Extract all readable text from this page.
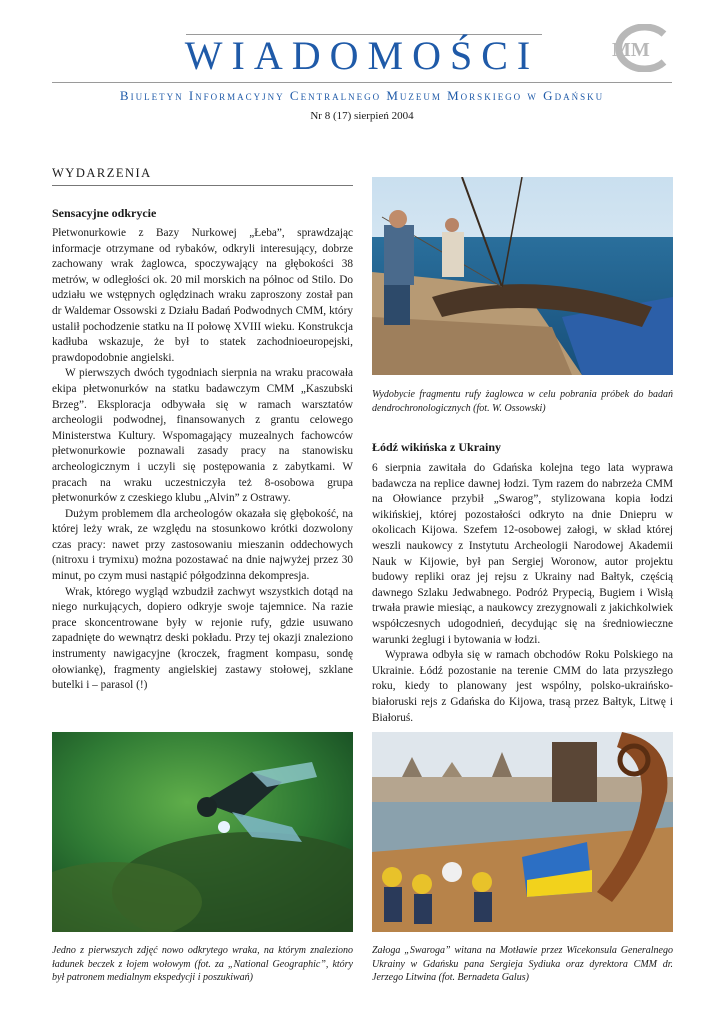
WIADOMOŚCI	MM
Biuletyn Informacyjny Centralnego Muzeum Morskiego w Gdańsku
Nr 8 (17) sierpień 2004
WYDARZENIA
Sensacyjne odkrycie

Płetwonurkowie z Bazy Nurkowej „Łeba”, sprawdzając informacje otrzymane od rybaków, odkryli interesujący, dobrze zachowany wrak żaglowca, spoczywający na głębokości 38 metrów, w odległości ok. 20 mil morskich na północ od Stilo. Do udziału we wstępnych oględzinach wraku zaproszony został pan dr Waldemar Ossowski z Działu Badań Podwodnych CMM, który ustalił pochodzenie statku na II połowę XVIII wieku. Konstrukcja kadłuba wskazuje, że był to statek zachodnioeuropejski, prawdopodobnie angielski.

W pierwszych dwóch tygodniach sierpnia na wraku pracowała ekipa płetwonurków na statku badawczym CMM „Kaszubski Brzeg”. Eksploracja odbywała się w ramach warsztatów archeologii podwodnej, finansowanych z grantu celowego Ministerstwa Kultury. Wspomagający muzealnych fachowców płetwonurkowie poznawali zasady pracy na stanowisku archeologicznym i uczyli się postępowania z zabytkami. W pracach na wraku uczestniczyła też 8-osobowa grupa płetwonurków z czeskiego klubu „Alvin” z Ostrawy.

Dużym problemem dla archeologów okazała się głębokość, na której leży wrak, ze względu na stosunkowo krótki dozwolony czas pracy: nawet przy zastosowaniu mieszanin oddechowych (nitroxu i trymixu) można pozostawać na dnie najwyżej przez 30 minut, po czym musi nastąpić półgodzinna dekompresja.

Wrak, którego wygląd wzbudził zachwyt wszystkich dotąd na niego nurkujących, dopiero odkryje swoje tajemnice. Na razie prace skoncentrowane były w rejonie rufy, gdzie usuwano zapadnięte do wewnątrz deski pokładu. Przy tej okazji znaleziono instrumenty nawigacyjne (kroczek, fragment kompasu, sondę ołowiankę), fragmenty angielskiej zastawy stołowej, szklane butelki i – parasol (!)

Wydobycie fragmentu rufy żaglowca w celu pobrania próbek do badań dendrochronologicznych (fot. W. Ossowski)
Łódź wikińska z Ukrainy

6 sierpnia zawitała do Gdańska kolejna tego lata wyprawa badawcza na replice dawnej łodzi. Tym razem do nabrzeża CMM na Ołowiance przybił „Swarog”, stylizowana kopia łodzi wikińskiej, której pozostałości odkryto na dnie Dniepru w okolicach Kijowa. Szefem 12-osobowej załogi, w skład której weszli naukowcy z Instytutu Archeologii Narodowej Akademii Nauk w Kijowie, był pan Sergiej Woronow, autor projektu budowy repliki oraz jej rejsu z Ukrainy nad Bałtyk, częścią dawnego Szlaku Jedwabnego. Podróż Prypecią, Bugiem i Wisłą trwała prawie miesiąc, a naukowcy zrezygnowali z jakichkolwiek współczesnych udogodnień, decydując się na średniowieczne warunki żeglugi i bytowania w łodzi.

Wyprawa odbyła się w ramach obchodów Roku Polskiego na Ukrainie. Łódź pozostanie na terenie CMM do lata przyszłego roku, kiedy to planowany jest wspólny, polsko-ukraińsko-białoruski rejs z Gdańska do Kijowa, trasą przez Bałtyk, Litwę i Białoruś.

Jedno z pierwszych zdjęć nowo odkrytego wraka, na którym znaleziono ładunek beczek z łojem wołowym (fot. za „National Geographic”, który był patronem medialnym ekspedycji i poszukiwań)
Załoga „Swaroga” witana na Motławie przez Wicekonsula Generalnego Ukrainy w Gdańsku pana Sergieja Sydiuka oraz dyrektora CMM dr. Jerzego Litwina (fot. Bernadeta Galus)
